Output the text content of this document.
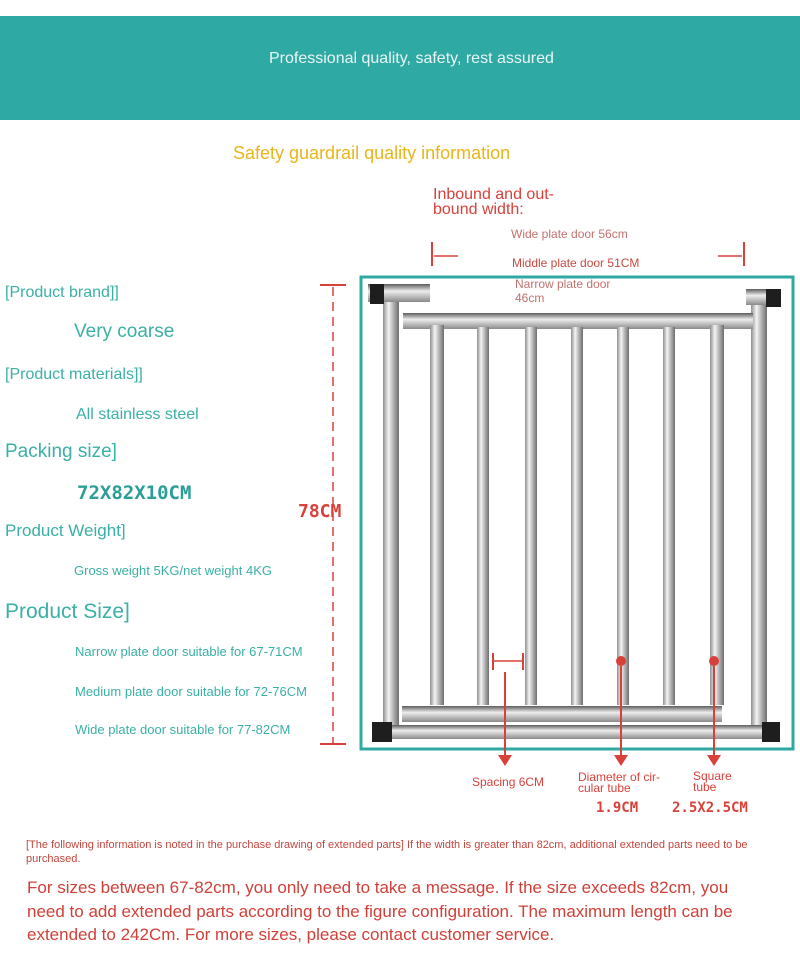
Professional quality, safety, rest assured
Safety guardrail quality information
[Product brand]]
Very coarse
[Product materials]]
All stainless steel
Packing size]
72X82X10CM
Product Weight]
Gross weight 5KG/net weight 4KG
Product Size]
Narrow plate door suitable for 67-71CM
Medium plate door suitable for 72-76CM
Wide plate door suitable for 77-82CM
Inbound and out-bound width:
Wide plate door 56cm
Middle plate door 51CM
Narrow plate door 46cm
78CM
Spacing 6CM	Diameter of cir-cular tube
1.9CM
Square tube
2.5X2.5CM
[The following information is noted in the purchase drawing of extended parts] If the width is greater than 82cm, additional extended parts need to be purchased.
For sizes between 67-82cm, you only need to take a message. If the size exceeds 82cm, you need to add extended parts according to the figure configuration. The maximum length can be extended to 242Cm. For more sizes, please contact customer service.
